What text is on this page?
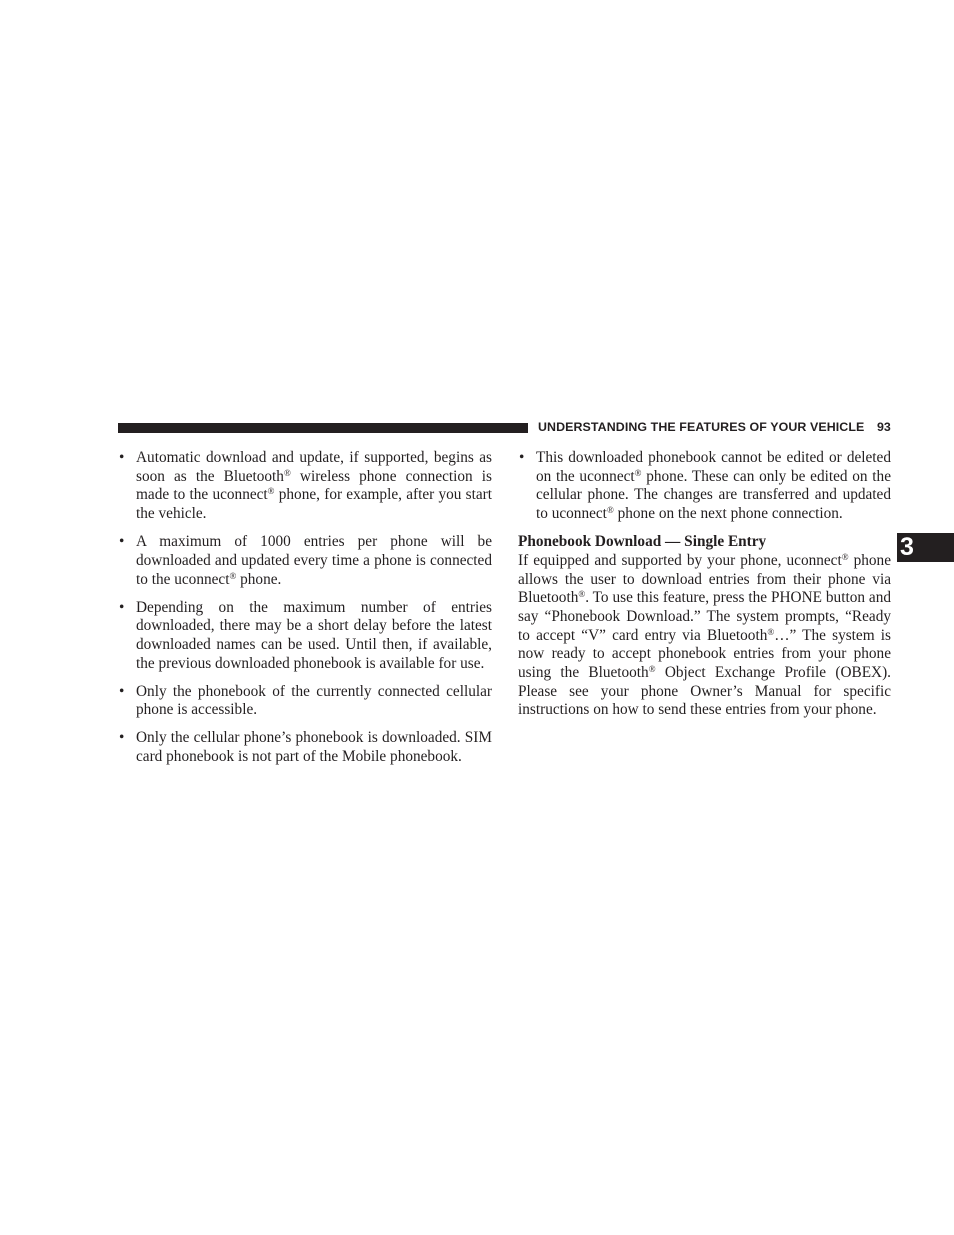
UNDERSTANDING THE FEATURES OF YOUR VEHICLE 93
3
• Automatic download and update, if supported, begins as soon as the Bluetooth® wireless phone connection is made to the uconnect® phone, for example, after you start the vehicle.
• A maximum of 1000 entries per phone will be downloaded and updated every time a phone is connected to the uconnect® phone.
• Depending on the maximum number of entries downloaded, there may be a short delay before the latest downloaded names can be used. Until then, if available, the previous downloaded phonebook is available for use.
• Only the phonebook of the currently connected cellular phone is accessible.
• Only the cellular phone’s phonebook is downloaded. SIM card phonebook is not part of the Mobile phonebook.
• This downloaded phonebook cannot be edited or deleted on the uconnect® phone. These can only be edited on the cellular phone. The changes are transferred and updated to uconnect® phone on the next phone connection.

Phonebook Download — Single Entry

If equipped and supported by your phone, uconnect® phone allows the user to download entries from their phone via Bluetooth®. To use this feature, press the PHONE button and say “Phonebook Download.” The system prompts, “Ready to accept “V” card entry via Bluetooth®…” The system is now ready to accept phonebook entries from your phone using the Bluetooth® Object Exchange Profile (OBEX). Please see your phone Owner’s Manual for specific instructions on how to send these entries from your phone.
